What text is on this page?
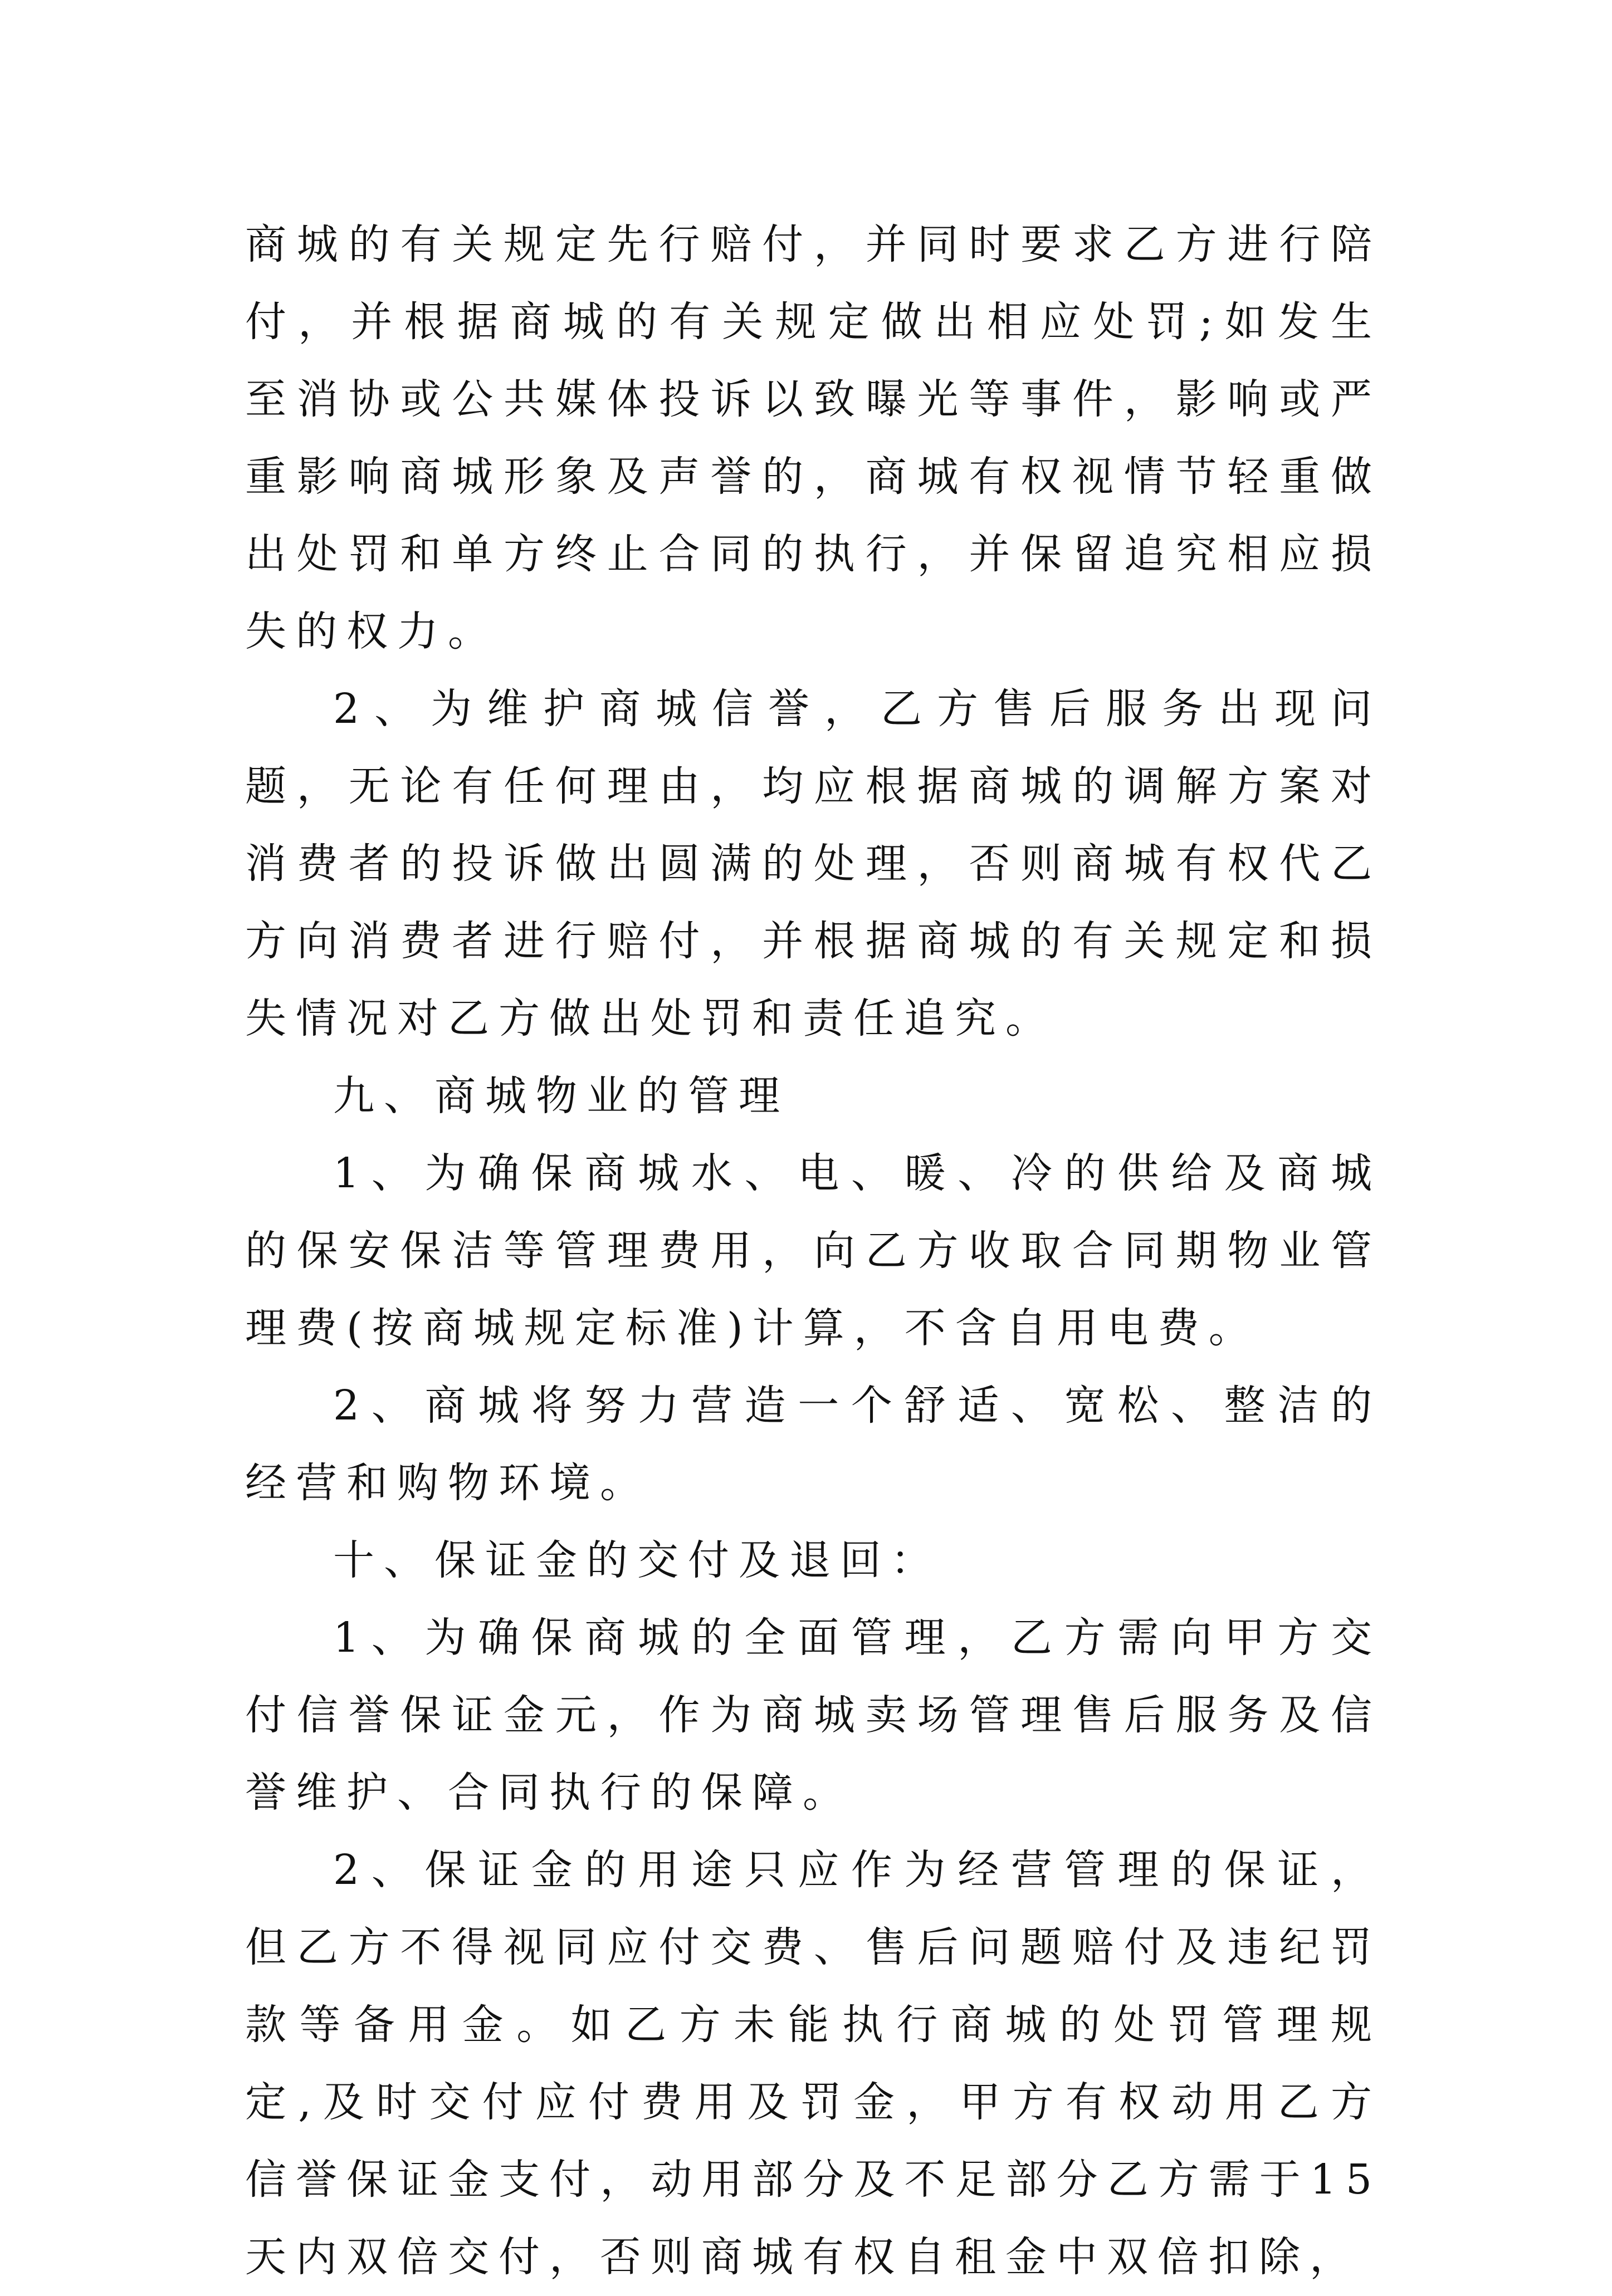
商城的有关规定先行赔付，并同时要求乙方进行陪付，并根据商城的有关规定做出相应处罚;如发生至消协或公共媒体投诉以致曝光等事件，影响或严重影响商城形象及声誉的，商城有权视情节轻重做出处罚和单方终止合同的执行，并保留追究相应损失的权力。

2、为维护商城信誉，乙方售后服务出现问题，无论有任何理由，均应根据商城的调解方案对消费者的投诉做出圆满的处理，否则商城有权代乙方向消费者进行赔付，并根据商城的有关规定和损失情况对乙方做出处罚和责任追究。

九、商城物业的管理

1、为确保商城水、电、暖、冷的供给及商城的保安保洁等管理费用，向乙方收取合同期物业管理费(按商城规定标准)计算，不含自用电费。

2、商城将努力营造一个舒适、宽松、整洁的经营和购物环境。

十、保证金的交付及退回：

1、为确保商城的全面管理，乙方需向甲方交付信誉保证金元，作为商城卖场管理售后服务及信誉维护、合同执行的保障。

2、保证金的用途只应作为经营管理的保证，但乙方不得视同应付交费、售后问题赔付及违纪罚款等备用金。如乙方未能执行商城的处罚管理规定,及时交付应付费用及罚金，甲方有权动用乙方信誉保证金支付，动用部分及不足部分乙方需于15天内双倍交付，否则商城有权自租金中双倍扣除，
